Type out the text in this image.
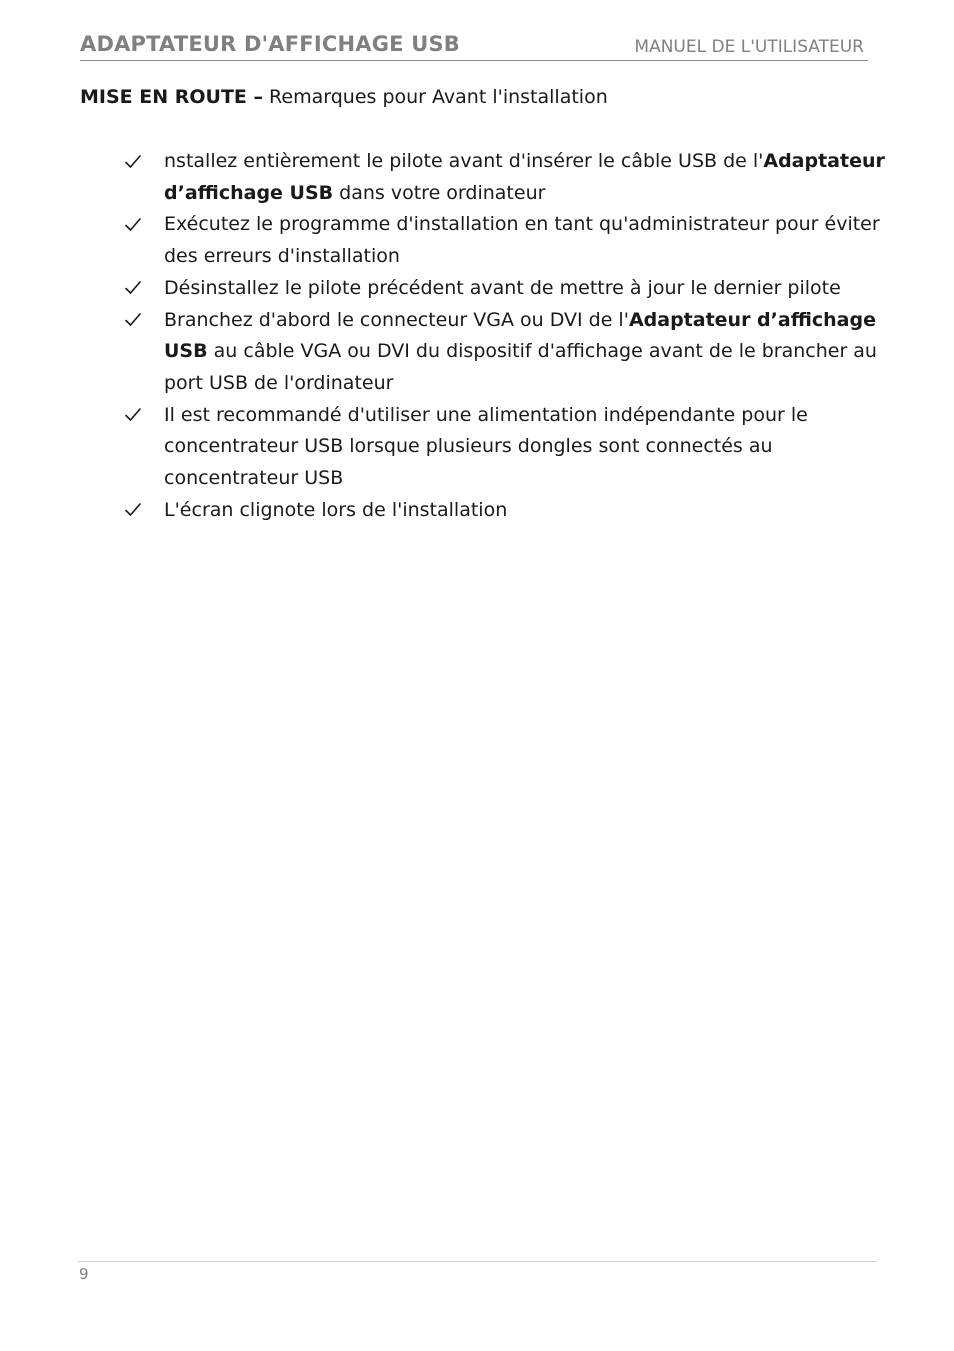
ADAPTATEUR D'AFFICHAGE USB	MANUEL DE L'UTILISATEUR
MISE EN ROUTE – Remarques pour Avant l'installation
nstallez entièrement le pilote avant d'insérer le câble USB de l'Adaptateur d’affichage USB dans votre ordinateur
Exécutez le programme d'installation en tant qu'administrateur pour éviter des erreurs d'installation
Désinstallez le pilote précédent avant de mettre à jour le dernier pilote
Branchez d'abord le connecteur VGA ou DVI de l'Adaptateur d’affichage USB au câble VGA ou DVI du dispositif d'affichage avant de le brancher au port USB de l'ordinateur
Il est recommandé d'utiliser une alimentation indépendante pour le concentrateur USB lorsque plusieurs dongles sont connectés au concentrateur USB
L'écran clignote lors de l'installation
9
